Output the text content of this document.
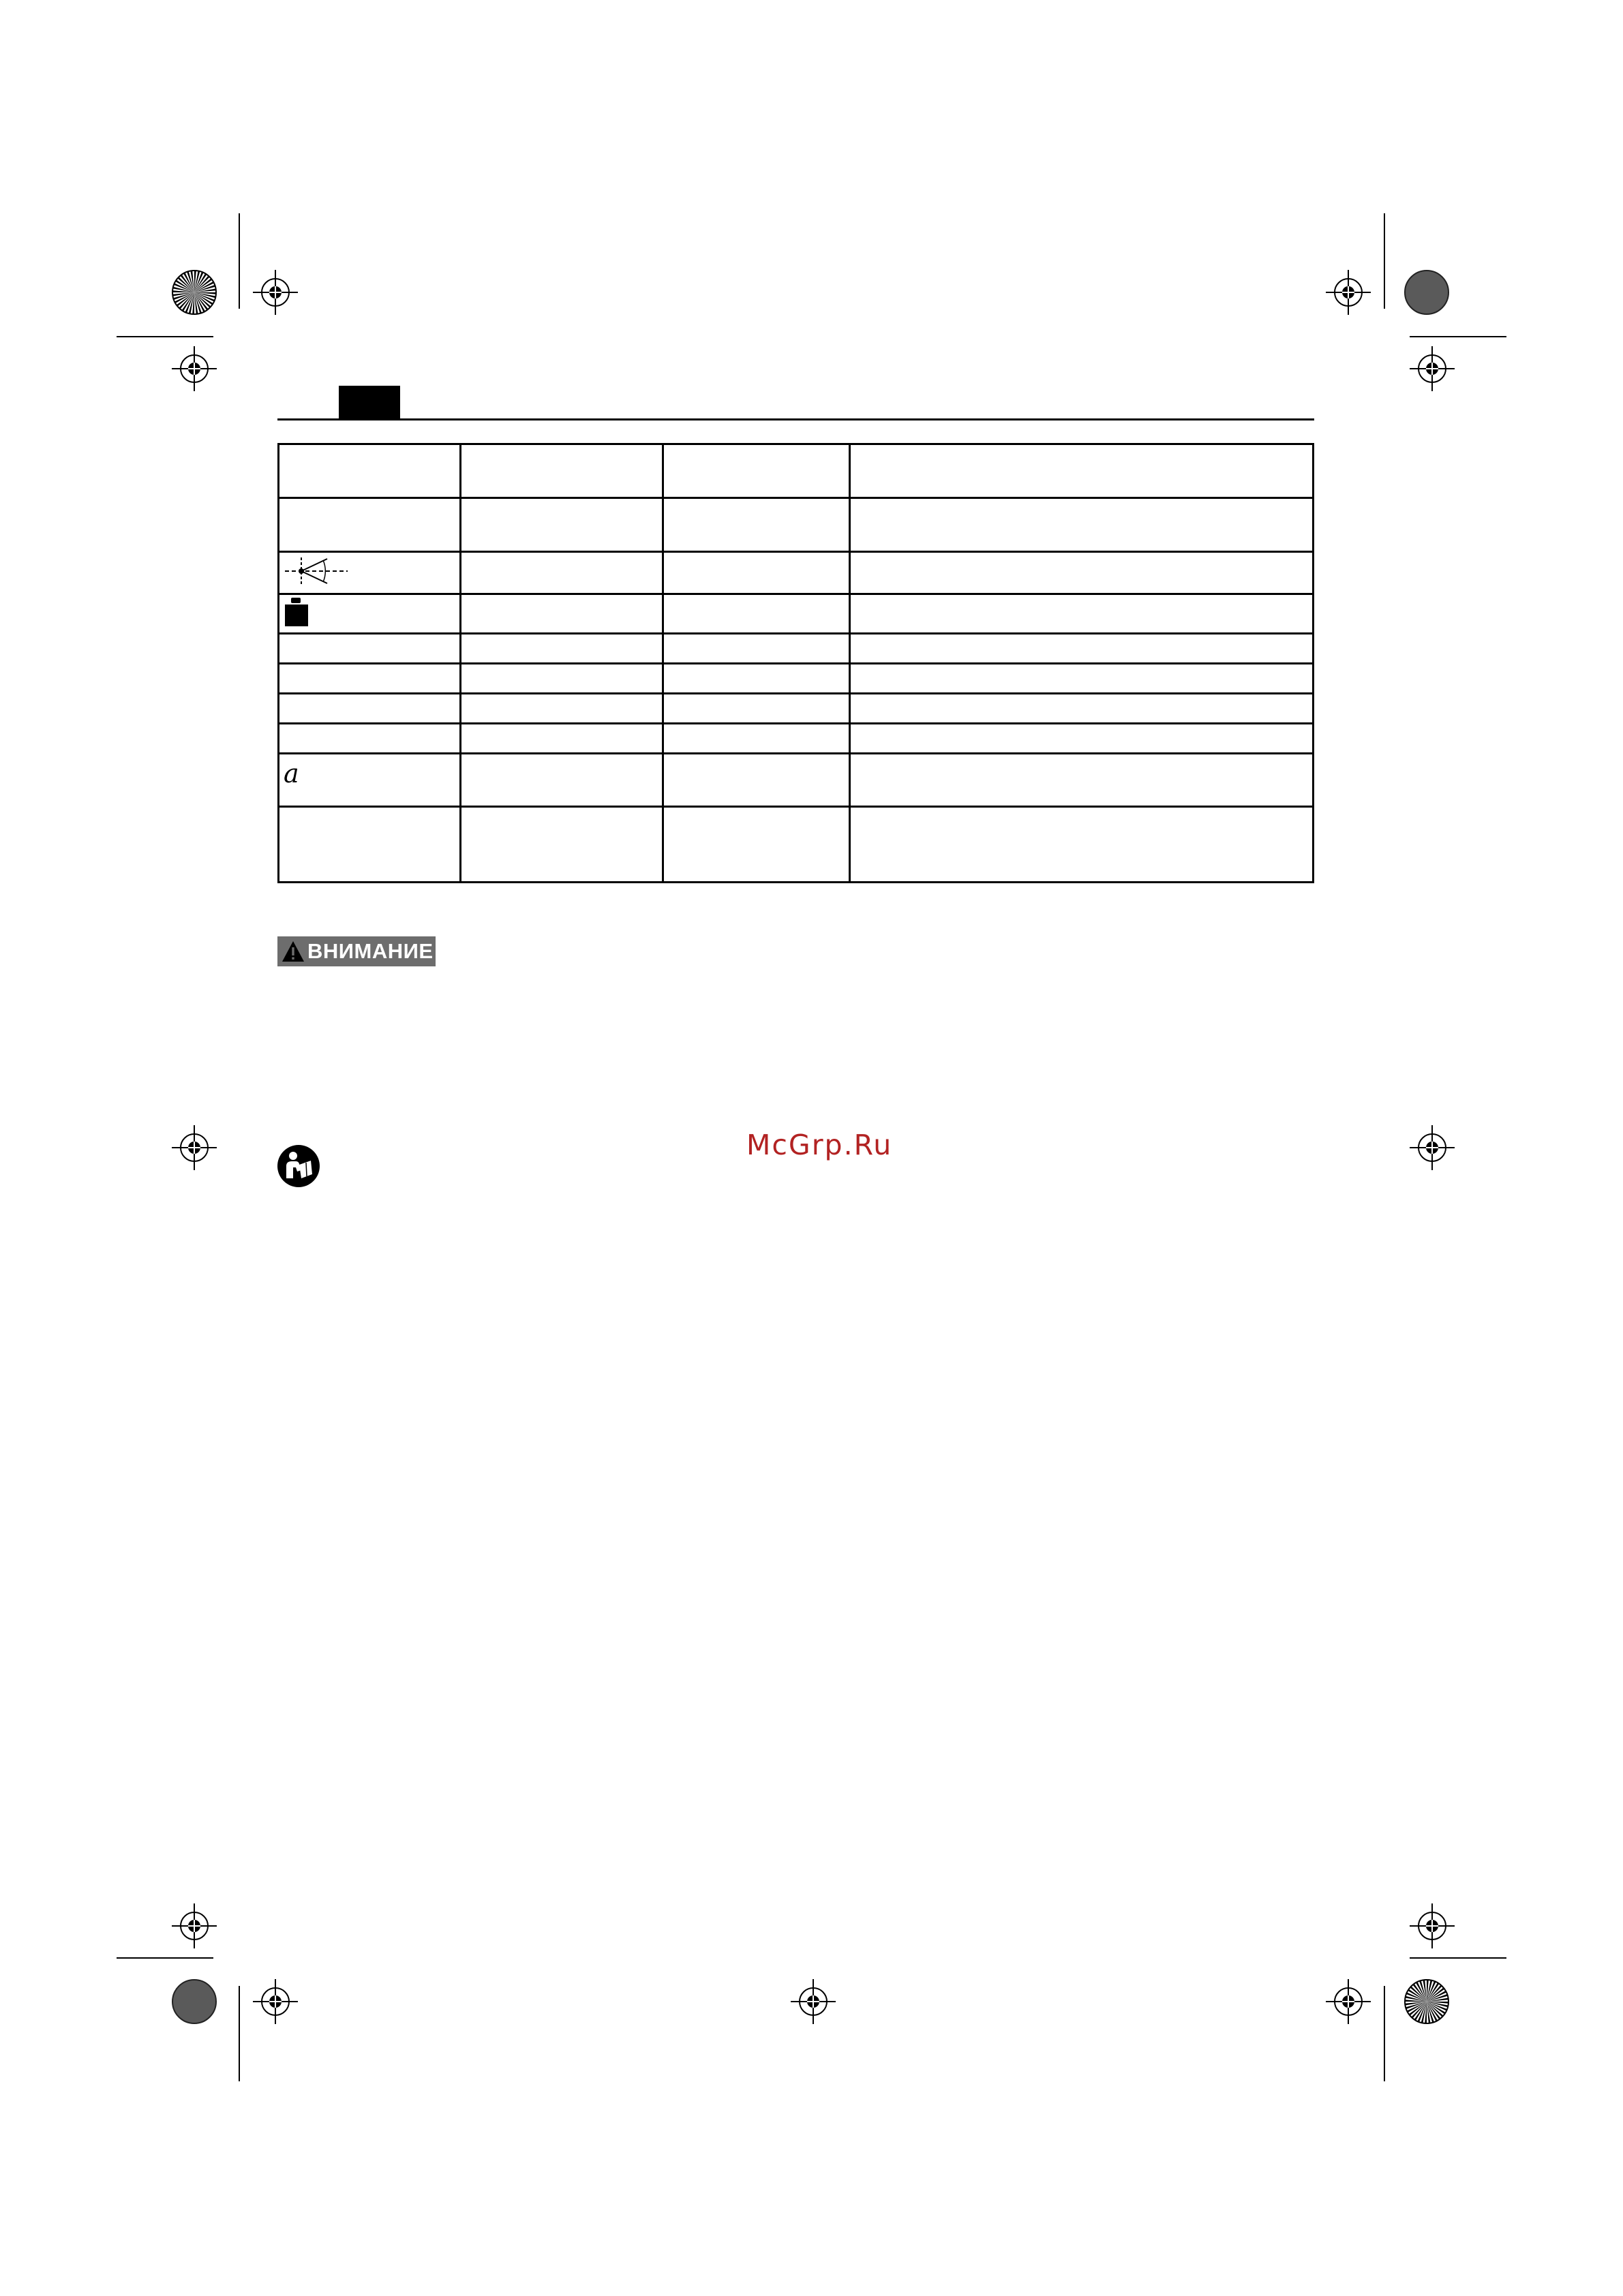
a			

ВНИМАНИЕ
McGrp.Ru
